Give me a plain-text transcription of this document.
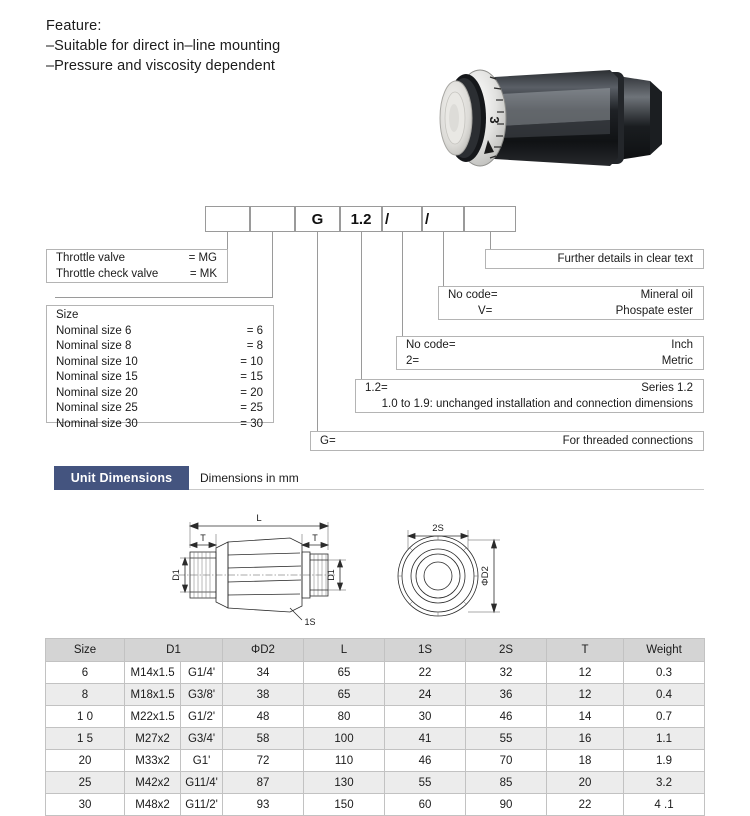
Feature:
–Suitable for direct in–line mounting
–Pressure and viscosity dependent
3
G	1.2 /	/
Throttle valve	= MG
Throttle check valve	= MK
Size
Nominal size 6	= 6
Nominal size 8	= 8
Nominal size 10	= 10
Nominal size 15	= 15
Nominal size 20	= 20
Nominal size 25	= 25
Nominal size 30	= 30
Further details in clear text
No code=	Mineral oil
V=	Phospate ester
No code=	Inch
2=	Metric
1.2=	Series 1.2
1.0 to 1.9: unchanged installation and connection dimensions
G=	For threaded connections
Unit Dimensions	Dimensions in mm
L
T	T
D1	D1
1S
2S
ΦD2
Size	D1		ΦD2	L	1S	2S	T	Weight
6	M14x1.5	G1/4'	34	65	22	32	12	0.3
8	M18x1.5	G3/8'	38	65	24	36	12	0.4
1 0	M22x1.5	G1/2'	48	80	30	46	14	0.7
1 5	M27x2	G3/4'	58	100	41	55	16	1.1
20	M33x2	G1'	72	110	46	70	18	1.9
25	M42x2	G11/4'	87	130	55	85	20	3.2
30	M48x2	G11/2'	93	150	60	90	22	4 .1
